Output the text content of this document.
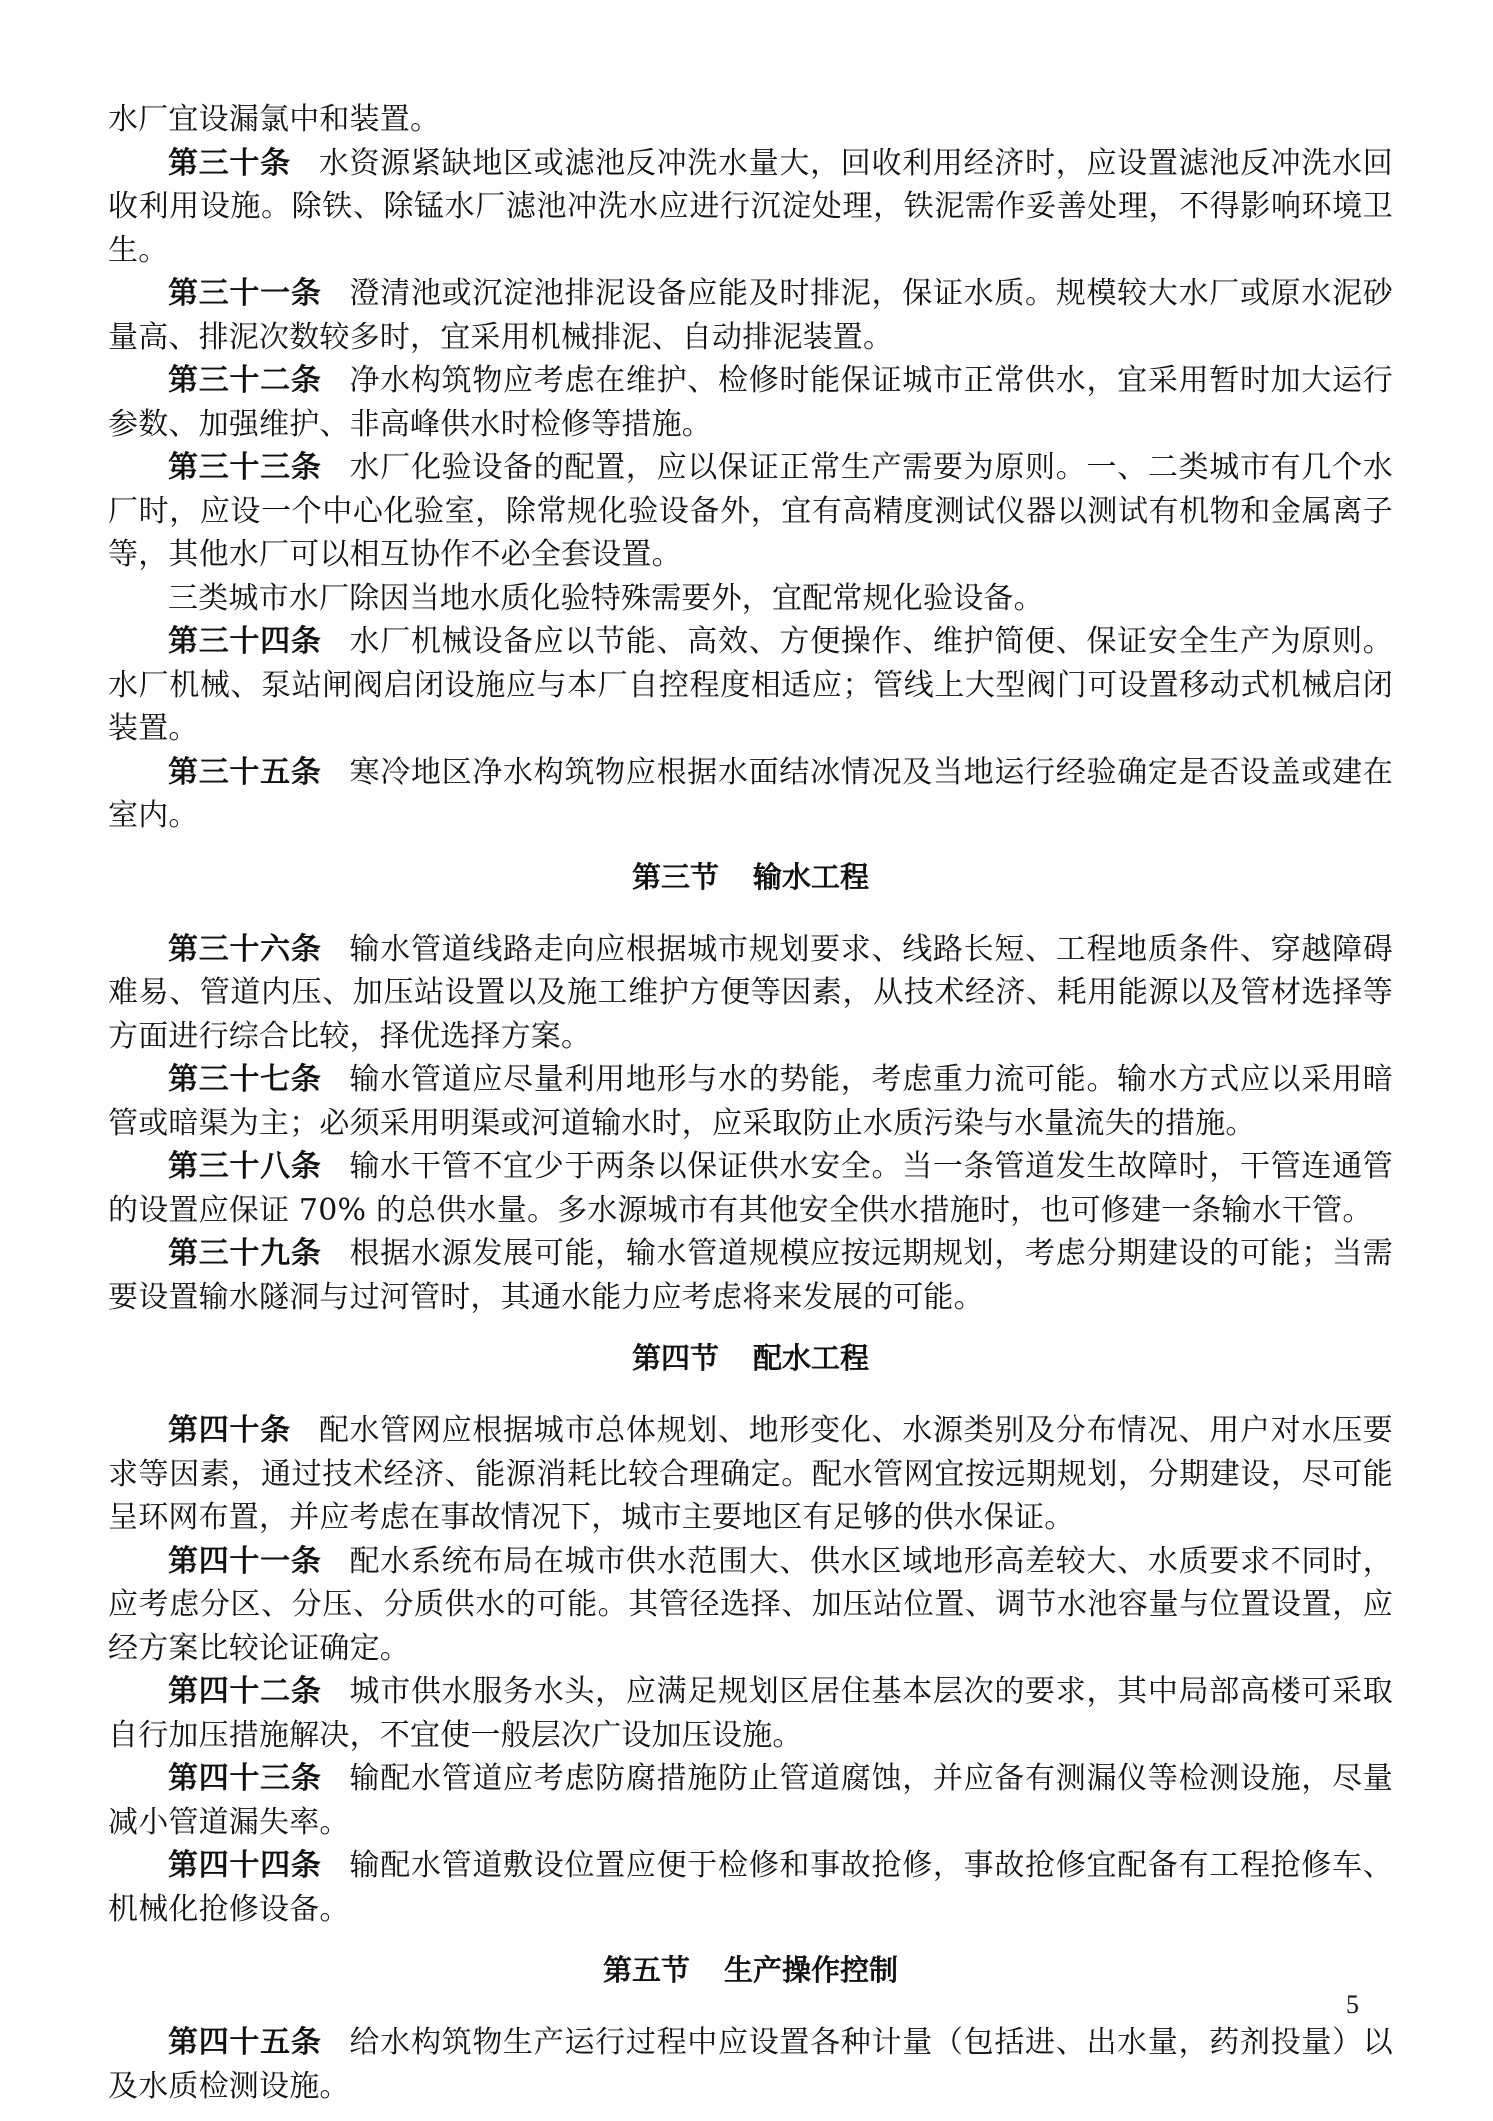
水厂宜设漏氯中和装置。

第三十条 水资源紧缺地区或滤池反冲洗水量大，回收利用经济时，应设置滤池反冲洗水回收利用设施。除铁、除锰水厂滤池冲洗水应进行沉淀处理，铁泥需作妥善处理，不得影响环境卫生。

第三十一条 澄清池或沉淀池排泥设备应能及时排泥，保证水质。规模较大水厂或原水泥砂量高、排泥次数较多时，宜采用机械排泥、自动排泥装置。

第三十二条 净水构筑物应考虑在维护、检修时能保证城市正常供水，宜采用暂时加大运行参数、加强维护、非高峰供水时检修等措施。

第三十三条 水厂化验设备的配置，应以保证正常生产需要为原则。一、二类城市有几个水厂时，应设一个中心化验室，除常规化验设备外，宜有高精度测试仪器以测试有机物和金属离子等，其他水厂可以相互协作不必全套设置。

三类城市水厂除因当地水质化验特殊需要外，宜配常规化验设备。

第三十四条 水厂机械设备应以节能、高效、方便操作、维护简便、保证安全生产为原则。水厂机械、泵站闸阀启闭设施应与本厂自控程度相适应；管线上大型阀门可设置移动式机械启闭装置。

第三十五条 寒冷地区净水构筑物应根据水面结冰情况及当地运行经验确定是否设盖或建在室内。

第三节 输水工程

第三十六条 输水管道线路走向应根据城市规划要求、线路长短、工程地质条件、穿越障碍难易、管道内压、加压站设置以及施工维护方便等因素，从技术经济、耗用能源以及管材选择等方面进行综合比较，择优选择方案。

第三十七条 输水管道应尽量利用地形与水的势能，考虑重力流可能。输水方式应以采用暗管或暗渠为主；必须采用明渠或河道输水时，应采取防止水质污染与水量流失的措施。

第三十八条 输水干管不宜少于两条以保证供水安全。当一条管道发生故障时，干管连通管的设置应保证 70% 的总供水量。多水源城市有其他安全供水措施时，也可修建一条输水干管。

第三十九条 根据水源发展可能，输水管道规模应按远期规划，考虑分期建设的可能；当需要设置输水隧洞与过河管时，其通水能力应考虑将来发展的可能。

第四节 配水工程

第四十条 配水管网应根据城市总体规划、地形变化、水源类别及分布情况、用户对水压要求等因素，通过技术经济、能源消耗比较合理确定。配水管网宜按远期规划，分期建设，尽可能呈环网布置，并应考虑在事故情况下，城市主要地区有足够的供水保证。

第四十一条 配水系统布局在城市供水范围大、供水区域地形高差较大、水质要求不同时，应考虑分区、分压、分质供水的可能。其管径选择、加压站位置、调节水池容量与位置设置，应经方案比较论证确定。

第四十二条 城市供水服务水头，应满足规划区居住基本层次的要求，其中局部高楼可采取自行加压措施解决，不宜使一般层次广设加压设施。

第四十三条 输配水管道应考虑防腐措施防止管道腐蚀，并应备有测漏仪等检测设施，尽量减小管道漏失率。

第四十四条 输配水管道敷设位置应便于检修和事故抢修，事故抢修宜配备有工程抢修车、机械化抢修设备。

第五节 生产操作控制

第四十五条 给水构筑物生产运行过程中应设置各种计量（包括进、出水量，药剂投量）以及水质检测设施。

5
